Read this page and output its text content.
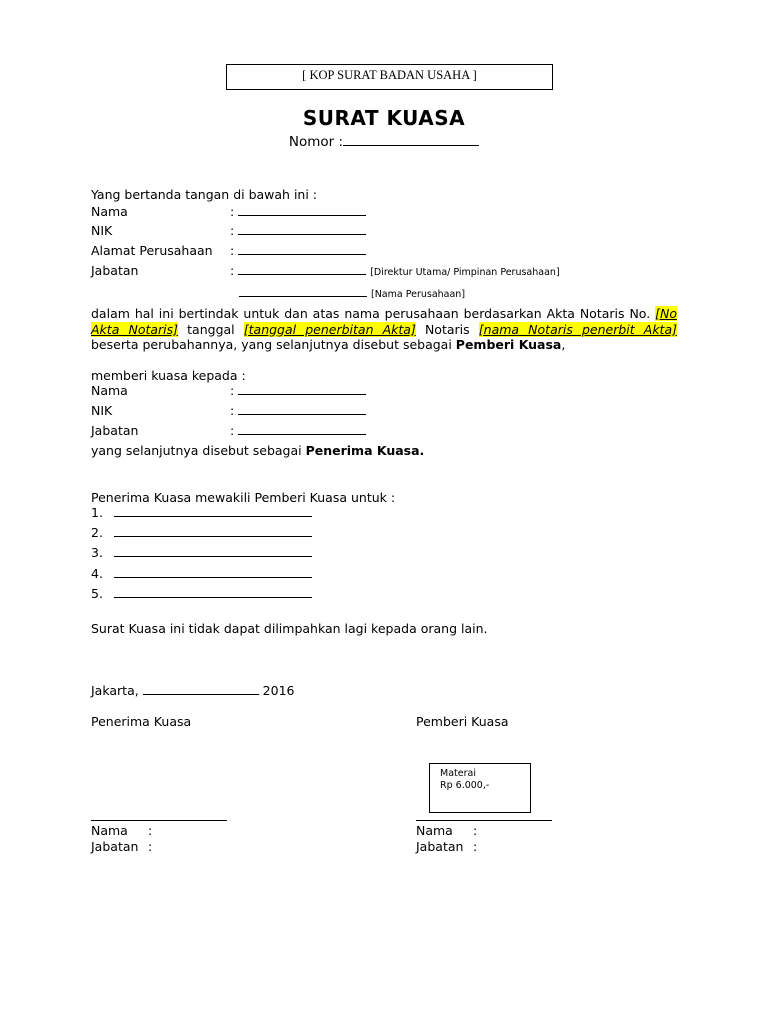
[ KOP SURAT BADAN USAHA ]
SURAT KUASA
Nomor :
Yang bertanda tangan di bawah ini :
Nama	:
NIK	:
Alamat Perusahaan :
Jabatan	:	[Direktur Utama/ Pimpinan Perusahaan]
[Nama Perusahaan]
dalam hal ini bertindak untuk dan atas nama perusahaan berdasarkan Akta Notaris No. [No Akta Notaris] tanggal [tanggal penerbitan Akta] Notaris [nama Notaris penerbit Akta] beserta perubahannya, yang selanjutnya disebut sebagai Pemberi Kuasa,
memberi kuasa kepada :
Nama	:
NIK	:
Jabatan	:
yang selanjutnya disebut sebagai Penerima Kuasa.
Penerima Kuasa mewakili Pemberi Kuasa untuk :
1.
2.
3.
4.
5.
Surat Kuasa ini tidak dapat dilimpahkan lagi kepada orang lain.
Jakarta,	2016
Penerima Kuasa	Pemberi Kuasa
Materai
Rp 6.000,-
Nama :
Jabatan :
Nama :
Jabatan :
